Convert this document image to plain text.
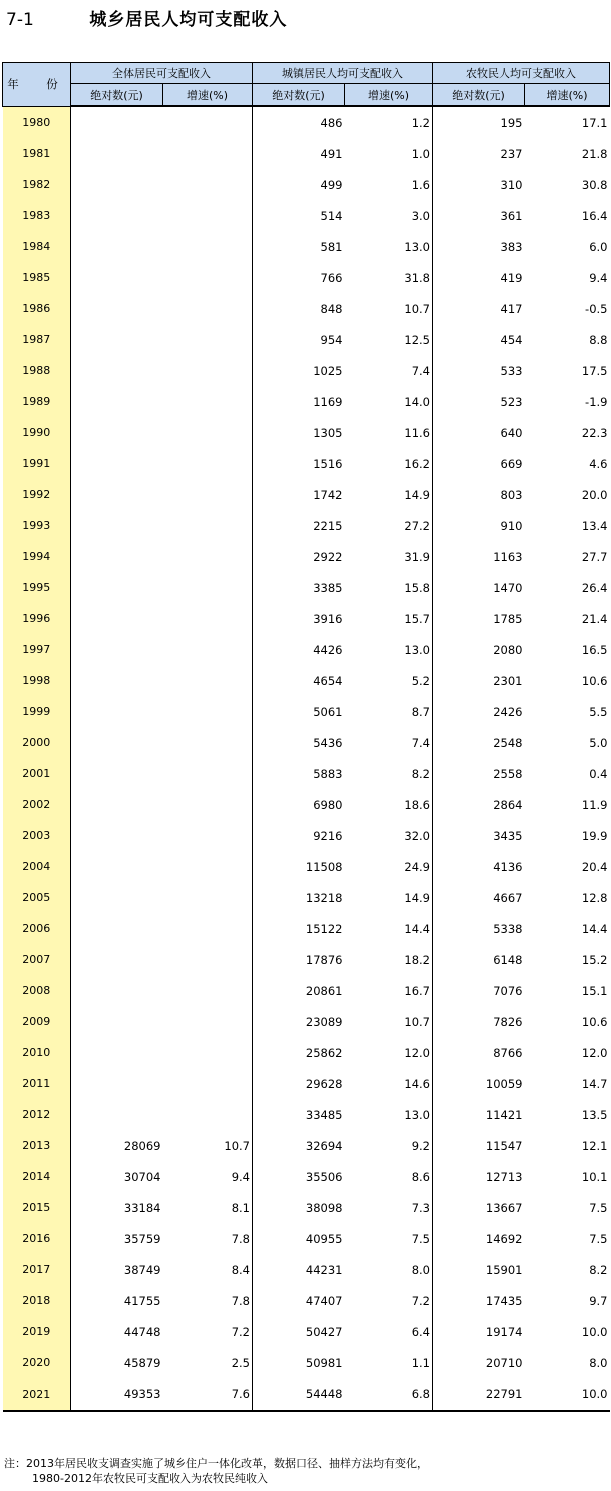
7-1	城乡居民人均可支配收入
年　份	全体居民可支配收入		城镇居民人均可支配收入		农牧民人均可支配收入	
	绝对数(元)	增速(%)	绝对数(元)	增速(%)	绝对数(元)	增速(%)
1980			486	1.2	195	17.1
1981			491	1.0	237	21.8
1982			499	1.6	310	30.8
1983			514	3.0	361	16.4
1984			581	13.0	383	6.0
1985			766	31.8	419	9.4
1986			848	10.7	417	-0.5
1987			954	12.5	454	8.8
1988			1025	7.4	533	17.5
1989			1169	14.0	523	-1.9
1990			1305	11.6	640	22.3
1991			1516	16.2	669	4.6
1992			1742	14.9	803	20.0
1993			2215	27.2	910	13.4
1994			2922	31.9	1163	27.7
1995			3385	15.8	1470	26.4
1996			3916	15.7	1785	21.4
1997			4426	13.0	2080	16.5
1998			4654	5.2	2301	10.6
1999			5061	8.7	2426	5.5
2000			5436	7.4	2548	5.0
2001			5883	8.2	2558	0.4
2002			6980	18.6	2864	11.9
2003			9216	32.0	3435	19.9
2004			11508	24.9	4136	20.4
2005			13218	14.9	4667	12.8
2006			15122	14.4	5338	14.4
2007			17876	18.2	6148	15.2
2008			20861	16.7	7076	15.1
2009			23089	10.7	7826	10.6
2010			25862	12.0	8766	12.0
2011			29628	14.6	10059	14.7
2012			33485	13.0	11421	13.5
2013	28069	10.7	32694	9.2	11547	12.1
2014	30704	9.4	35506	8.6	12713	10.1
2015	33184	8.1	38098	7.3	13667	7.5
2016	35759	7.8	40955	7.5	14692	7.5
2017	38749	8.4	44231	8.0	15901	8.2
2018	41755	7.8	47407	7.2	17435	9.7
2019	44748	7.2	50427	6.4	19174	10.0
2020	45879	2.5	50981	1.1	20710	8.0
2021	49353	7.6	54448	6.8	22791	10.0
注：2013年居民收支调查实施了城乡住户一体化改革，数据口径、抽样方法均有变化，
1980-2012年农牧民可支配收入为农牧民纯收入
